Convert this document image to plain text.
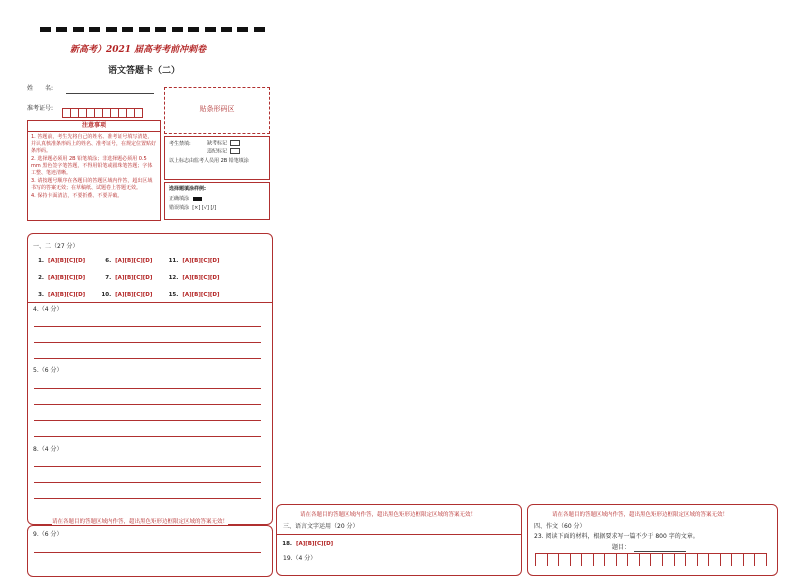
新高考）2021 届高考考前冲刺卷
语文答题卡（二）
姓　　名:
准考证号:	贴条形码区
注意事项
1. 答题前，考生先将自己的姓名、准考证号填写清楚，并认真核准条形码上的姓名、准考证号，在规定位置贴好条形码。
2. 选择题必须用 2B 铅笔填涂；非选择题必须用 0.5 mm 黑色签字笔答题，不得用铅笔或圆珠笔答题；字体工整、笔迹清晰。
3. 请按题号顺序在各题目的答题区域内作答，超出区域书写的答案无效；在草稿纸、试题卷上答题无效。
4. 保持卡面清洁，不要折叠、不要弄破。
考生禁填:	缺考标记
违纪标记
以上标志由监考人员用 2B 铅笔填涂
选择题填涂样例:
正确填涂
错误填涂 [×] [√] [/]
一、二（27 分）
1. [A][B][C][D]	6. [A][B][C][D]	11. [A][B][C][D]
2. [A][B][C][D]	7. [A][B][C][D]	12. [A][B][C][D]
3. [A][B][C][D]	10. [A][B][C][D]	15. [A][B][C][D]
4.（4 分）
5.（6 分）
8.（4 分）
请在各题目的答题区域内作答，超出黑色矩形边框限定区域的答案无效！
9.（6 分）
请在各题目的答题区域内作答，超出黑色矩形边框限定区域的答案无效！
三、语言文字运用（20 分）
18. [A][B][C][D]
19.（4 分）
请在各题目的答题区域内作答，超出黑色矩形边框限定区域的答案无效！
四、作文（60 分）
23. 阅读下面的材料，根据要求写一篇不少于 800 字的文章。
题目：
